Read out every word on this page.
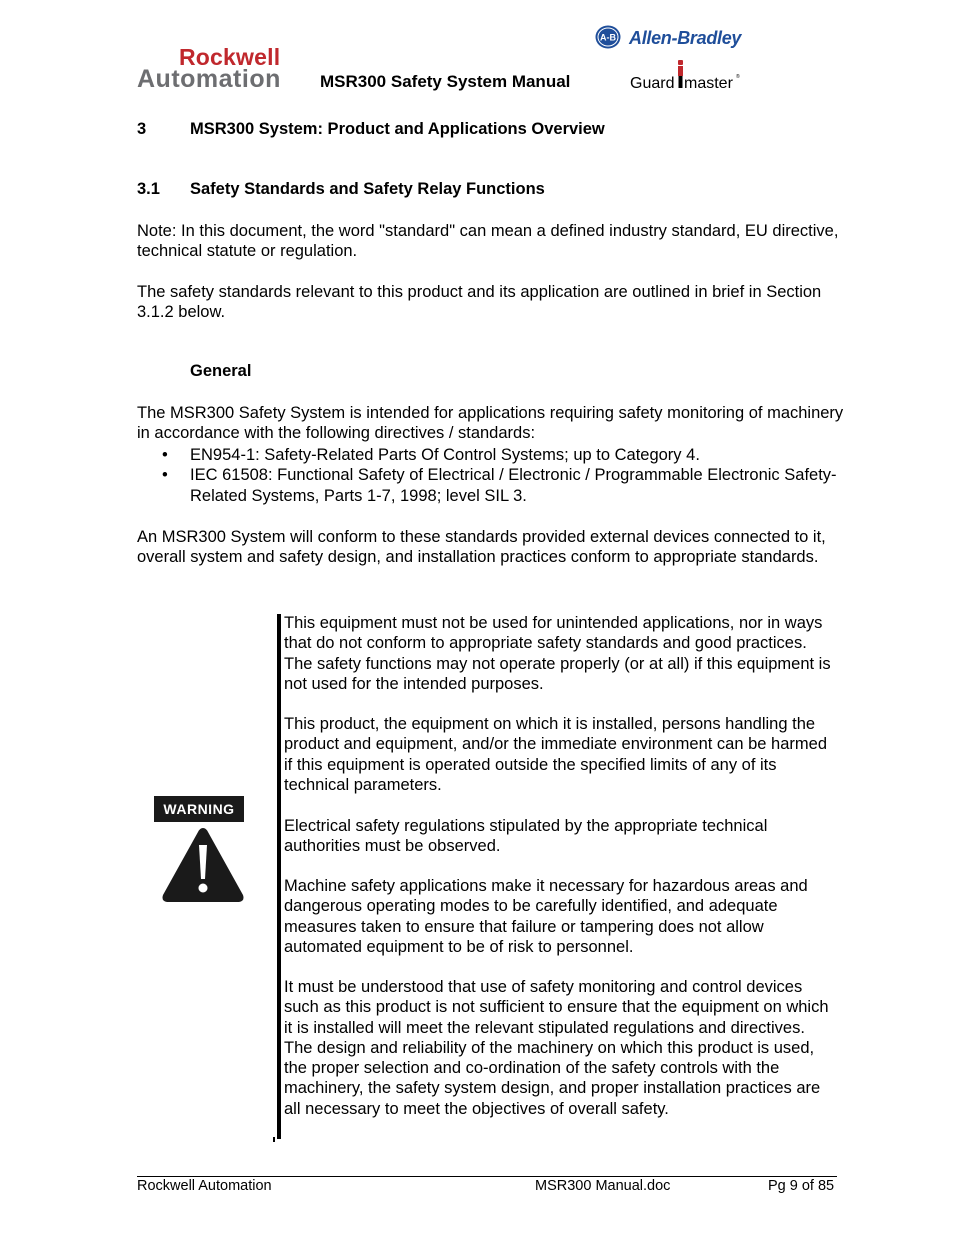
Rockwell
Automation MSR300 Safety System Manual
A-B Allen-Bradley
Guard master ®
3	MSR300 System: Product and Applications Overview
3.1 Safety Standards and Safety Relay Functions
Note: In this document, the word "standard" can mean a defined industry standard, EU directive, technical statute or regulation.
The safety standards relevant to this product and its application are outlined in brief in Section 3.1.2 below.
General
The MSR300 Safety System is intended for applications requiring safety monitoring of machinery in accordance with the following directives / standards:
• EN954-1: Safety-Related Parts Of Control Systems; up to Category 4.
• IEC 61508: Functional Safety of Electrical / Electronic / Programmable Electronic Safety-Related Systems, Parts 1-7, 1998; level SIL 3.
An MSR300 System will conform to these standards provided external devices connected to it, overall system and safety design, and installation practices conform to appropriate standards.
WARNING
This equipment must not be used for unintended applications, nor in ways that do not conform to appropriate safety standards and good practices. The safety functions may not operate properly (or at all) if this equipment is not used for the intended purposes.
This product, the equipment on which it is installed, persons handling the product and equipment, and/or the immediate environment can be harmed if this equipment is operated outside the specified limits of any of its technical parameters.
Electrical safety regulations stipulated by the appropriate technical authorities must be observed.
Machine safety applications make it necessary for hazardous areas and dangerous operating modes to be carefully identified, and adequate measures taken to ensure that failure or tampering does not allow automated equipment to be of risk to personnel.
It must be understood that use of safety monitoring and control devices such as this product is not sufficient to ensure that the equipment on which it is installed will meet the relevant stipulated regulations and directives. The design and reliability of the machinery on which this product is used, the proper selection and co-ordination of the safety controls with the machinery, the safety system design, and proper installation practices are all necessary to meet the objectives of overall safety.
Rockwell Automation	MSR300 Manual.doc	Pg 9 of 85
